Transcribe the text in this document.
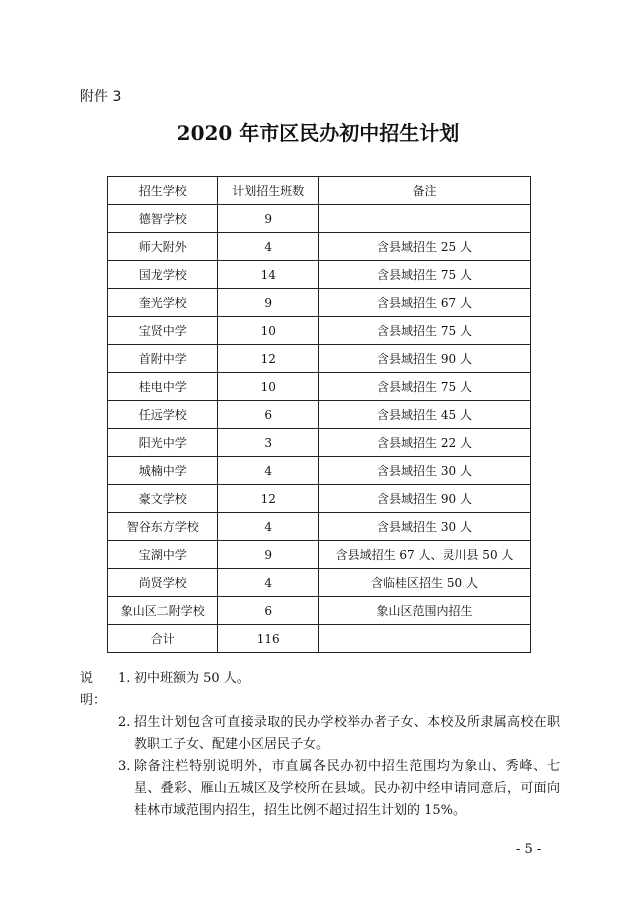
附件 3
2020 年市区民办初中招生计划
招生学校	计划招生班数	备注
德智学校	9	
师大附外	4	含县域招生 25 人
国龙学校	14	含县域招生 75 人
奎光学校	9	含县域招生 67 人
宝贤中学	10	含县域招生 75 人
首附中学	12	含县域招生 90 人
桂电中学	10	含县域招生 75 人
任远学校	6	含县域招生 45 人
阳光中学	3	含县域招生 22 人
城楠中学	4	含县域招生 30 人
豪文学校	12	含县域招生 90 人
智谷东方学校	4	含县域招生 30 人
宝湖中学	9	含县域招生 67 人、灵川县 50 人
尚贤学校	4	含临桂区招生 50 人
象山区二附学校	6	象山区范围内招生
合计	116	
说明：
1. 初中班额为 50 人。
2. 招生计划包含可直接录取的民办学校举办者子女、本校及所隶属高校在职教职工子女、配建小区居民子女。
3. 除备注栏特别说明外，市直属各民办初中招生范围均为象山、秀峰、七星、叠彩、雁山五城区及学校所在县域。民办初中经申请同意后，可面向桂林市域范围内招生，招生比例不超过招生计划的 15%。
- 5 -
